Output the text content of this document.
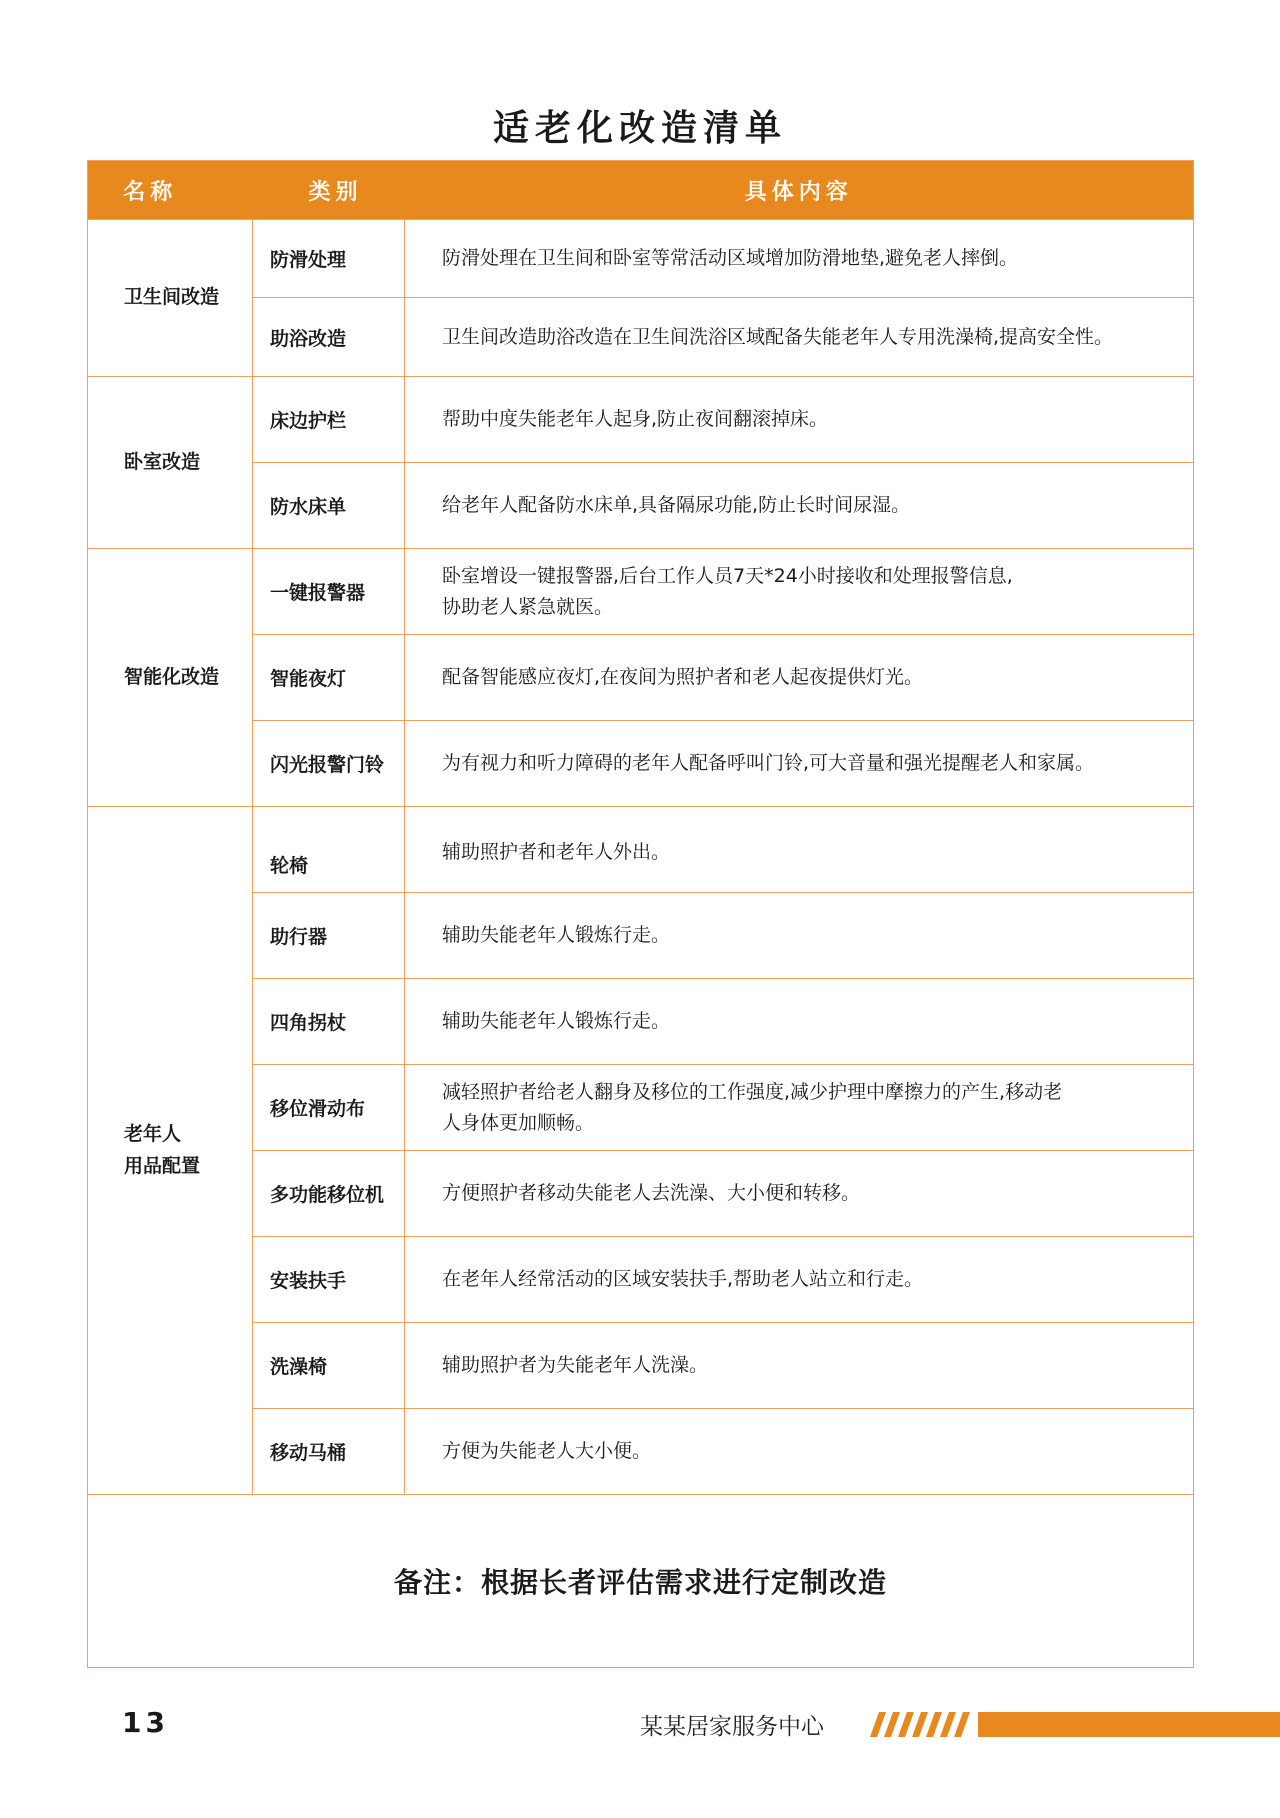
适老化改造清单
名称	类别	具体内容
卫生间改造	防滑处理	防滑处理在卫生间和卧室等常活动区域增加防滑地垫,避免老人摔倒。
	助浴改造	卫生间改造助浴改造在卫生间洗浴区域配备失能老年人专用洗澡椅,提高安全性。
卧室改造	床边护栏	帮助中度失能老年人起身,防止夜间翻滚掉床。
	防水床单	给老年人配备防水床单,具备隔尿功能,防止长时间尿湿。
智能化改造	一键报警器	卧室增设一键报警器,后台工作人员7天*24小时接收和处理报警信息,
协助老人紧急就医。

	智能夜灯	配备智能感应夜灯,在夜间为照护者和老人起夜提供灯光。
	闪光报警门铃	为有视力和听力障碍的老年人配备呼叫门铃,可大音量和强光提醒老人和家属。

老年人
用品配置	轮椅	辅助照护者和老年人外出。
	助行器	辅助失能老年人锻炼行走。
	四角拐杖	辅助失能老年人锻炼行走。
	移位滑动布	减轻照护者给老人翻身及移位的工作强度,减少护理中摩擦力的产生,移动老
人身体更加顺畅。

	多功能移位机	方便照护者移动失能老人去洗澡、大小便和转移。
	安装扶手	在老年人经常活动的区域安装扶手,帮助老人站立和行走。
	洗澡椅	辅助照护者为失能老年人洗澡。
	移动马桶	方便为失能老人大小便。
备注：根据长者评估需求进行定制改造		
13	某某居家服务中心
